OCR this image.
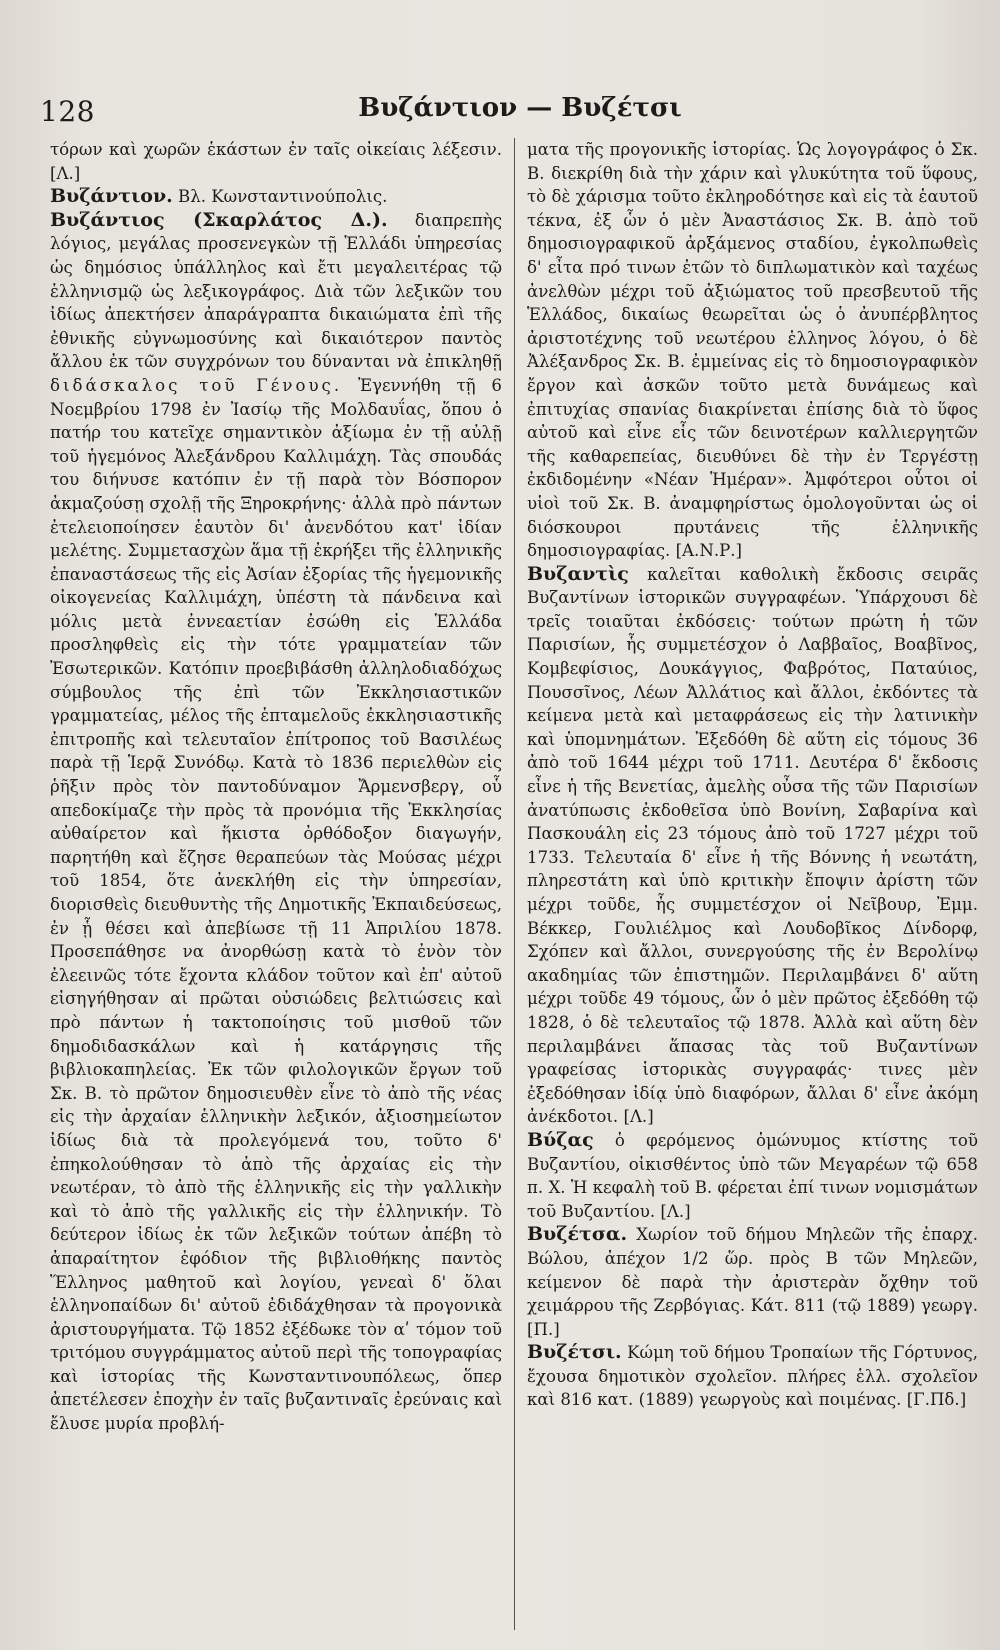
128	Βυζάντιον — Βυζέτσι

τόρων καὶ χωρῶν ἑκάστων ἐν ταῖς οἰκείαις λέξεσιν. [Λ.]

Βυζάντιον. Βλ. Κωνσταντινούπολις.

Βυζάντιος (Σκαρλάτος Δ.). διαπρεπὴς λόγιος, μεγάλας προσενεγκὼν τῇ Ἑλλάδι ὑπηρεσίας ὡς δημόσιος ὑπάλληλος καὶ ἔτι μεγαλειτέρας τῷ ἑλληνισμῷ ὡς λεξικογράφος. Διὰ τῶν λεξικῶν του ἰδίως ἀπεκτήσεν ἀπαράγραπτα δικαιώματα ἐπὶ τῆς ἐθνικῆς εὐγνωμοσύνης καὶ δικαιότερον παντὸς ἄλλου ἐκ τῶν συγχρόνων του δύνανται νὰ ἐπικληθῇ διδάσκαλος τοῦ Γένους. Ἐγεννήθη τῇ 6 Νοεμβρίου 1798 ἐν Ἰασίῳ τῆς Μολδαυΐας, ὅπου ὁ πατήρ του κατεῖχε σημαντικὸν ἀξίωμα ἐν τῇ αὐλῇ τοῦ ἡγεμόνος Ἀλεξάνδρου Καλλιμάχη. Τὰς σπουδάς του διήνυσε κατόπιν ἐν τῇ παρὰ τὸν Βόσπορον ἀκμαζούσῃ σχολῇ τῆς Ξηροκρήνης· ἀλλὰ πρὸ πάντων ἐτελειοποίησεν ἑαυτὸν δι' ἀνενδότου κατ' ἰδίαν μελέτης. Συμμετασχὼν ἅμα τῇ ἐκρήξει τῆς ἑλληνικῆς ἐπαναστάσεως τῆς εἰς Ἀσίαν ἐξορίας τῆς ἡγεμονικῆς οἰκογενείας Καλλιμάχη, ὑπέστη τὰ πάνδεινα καὶ μόλις μετὰ ἐννεαετίαν ἐσώθη εἰς Ἑλλάδα προσληφθεὶς εἰς τὴν τότε γραμματείαν τῶν Ἐσωτερικῶν. Κατόπιν προεβιβάσθη ἀλληλοδιαδόχως σύμβουλος τῆς ἐπὶ τῶν Ἐκκλησιαστικῶν γραμματείας, μέλος τῆς ἑπταμελοῦς ἐκκλησιαστικῆς ἐπιτροπῆς καὶ τελευταῖον ἐπίτροπος τοῦ Βασιλέως παρὰ τῇ Ἱερᾷ Συνόδῳ. Κατὰ τὸ 1836 περιελθὼν εἰς ῥῆξιν πρὸς τὸν παντοδύναμον Ἄρμενσβεργ, οὗ απεδοκίμαζε τὴν πρὸς τὰ προνόμια τῆς Ἐκκλησίας αὐθαίρετον καὶ ἥκιστα ὀρθόδοξον διαγωγήν, παρητήθη καὶ ἔζησε θεραπεύων τὰς Μούσας μέχρι τοῦ 1854, ὅτε ἀνεκλήθη εἰς τὴν ὑπηρεσίαν, διορισθεὶς διευθυντὴς τῆς Δημοτικῆς Ἐκπαιδεύσεως, ἐν ᾗ θέσει καὶ ἀπεβίωσε τῇ 11 Ἀπριλίου 1878. Προσεπάθησε να ἀνορθώσῃ κατὰ τὸ ἐνὸν τὸν ἐλεεινῶς τότε ἔχοντα κλάδον τοῦτον καὶ ἐπ' αὐτοῦ εἰσηγήθησαν αἱ πρῶται οὐσιώδεις βελτιώσεις καὶ πρὸ πάντων ἡ τακτοποίησις τοῦ μισθοῦ τῶν δημοδιδασκάλων καὶ ἡ κατάργησις τῆς βιβλιοκαπηλείας. Ἐκ τῶν φιλολογικῶν ἔργων τοῦ Σκ. Β. τὸ πρῶτον δημοσιευθὲν εἶνε τὸ ἀπὸ τῆς νέας εἰς τὴν ἀρχαίαν ἑλληνικὴν λεξικόν, ἀξιοσημείωτον ἰδίως διὰ τὰ προλεγόμενά του, τοῦτο δ' ἐπηκολούθησαν τὸ ἀπὸ τῆς ἀρχαίας εἰς τὴν νεωτέραν, τὸ ἀπὸ τῆς ἑλληνικῆς εἰς τὴν γαλλικὴν καὶ τὸ ἀπὸ τῆς γαλλικῆς εἰς τὴν ἑλληνικήν. Τὸ δεύτερον ἰδίως ἐκ τῶν λεξικῶν τούτων ἀπέβη τὸ ἀπαραίτητον ἐφόδιον τῆς βιβλιοθήκης παντὸς Ἕλληνος μαθητοῦ καὶ λογίου, γενεαὶ δ' ὅλαι ἑλληνοπαίδων δι' αὐτοῦ ἐδιδάχθησαν τὰ προγονικὰ ἀριστουργήματα. Τῷ 1852 ἐξέδωκε τὸν αʹ τόμον τοῦ τριτόμου συγγράμματος αὐτοῦ περὶ τῆς τοπογραφίας καὶ ἱστορίας τῆς Κωνσταντινουπόλεως, ὅπερ ἀπετέλεσεν ἐποχὴν ἐν ταῖς βυζαντιναῖς ἐρεύναις καὶ ἔλυσε μυρία προβλή-

ματα τῆς προγονικῆς ἱστορίας. Ὡς λογογράφος ὁ Σκ. Β. διεκρίθη διὰ τὴν χάριν καὶ γλυκύτητα τοῦ ὕφους, τὸ δὲ χάρισμα τοῦτο ἐκληροδότησε καὶ εἰς τὰ ἑαυτοῦ τέκνα, ἐξ ὧν ὁ μὲν Ἀναστάσιος Σκ. Β. ἀπὸ τοῦ δημοσιογραφικοῦ ἀρξάμενος σταδίου, ἐγκολπωθεὶς δ' εἶτα πρό τινων ἐτῶν τὸ διπλωματικὸν καὶ ταχέως ἀνελθὼν μέχρι τοῦ ἀξιώματος τοῦ πρεσβευτοῦ τῆς Ἑλλάδος, δικαίως θεωρεῖται ὡς ὁ ἀνυπέρβλητος ἀριστοτέχνης τοῦ νεωτέρου ἑλληνος λόγου, ὁ δὲ Ἀλέξανδρος Σκ. Β. ἐμμείνας εἰς τὸ δημοσιογραφικὸν ἔργον καὶ ἀσκῶν τοῦτο μετὰ δυνάμεως καὶ ἐπιτυχίας σπανίας διακρίνεται ἐπίσης διὰ τὸ ὕφος αὐτοῦ καὶ εἶνε εἷς τῶν δεινοτέρων καλλιεργητῶν τῆς καθαρεπείας, διευθύνει δὲ τὴν ἐν Τεργέστῃ ἐκδιδομένην «Νέαν Ἡμέραν». Ἀμφότεροι οὗτοι οἱ υἱοὶ τοῦ Σκ. Β. ἀναμφηρίστως ὁμολογοῦνται ὡς οἱ διόσκουροι πρυτάνεις τῆς ἑλληνικῆς δημοσιογραφίας. [Α.Ν.Ρ.]

Βυζαντὶς καλεῖται καθολικὴ ἔκδοσις σειρᾶς Βυζαντίνων ἱστορικῶν συγγραφέων. Ὑπάρχουσι δὲ τρεῖς τοιαῦται ἐκδόσεις· τούτων πρώτη ἡ τῶν Παρισίων, ἧς συμμετέσχον ὁ Λαββαῖος, Βοαβῖνος, Κομβεφίσιος, Δουκάγγιος, Φαβρότος, Παταύιος, Πουσσῖνος, Λέων Ἀλλάτιος καὶ ἄλλοι, ἐκδόντες τὰ κείμενα μετὰ καὶ μεταφράσεως εἰς τὴν λατινικὴν καὶ ὑπομνημάτων. Ἐξεδόθη δὲ αὕτη εἰς τόμους 36 ἀπὸ τοῦ 1644 μέχρι τοῦ 1711. Δευτέρα δ' ἔκδοσις εἶνε ἡ τῆς Βενετίας, ἀμελὴς οὖσα τῆς τῶν Παρισίων ἀνατύπωσις ἐκδοθεῖσα ὑπὸ Βονίνη, Σαβαρίνα καὶ Πασκουάλη εἰς 23 τόμους ἀπὸ τοῦ 1727 μέχρι τοῦ 1733. Τελευταία δ' εἶνε ἡ τῆς Βόννης ἡ νεωτάτη, πληρεστάτη καὶ ὑπὸ κριτικὴν ἔποψιν ἀρίστη τῶν μέχρι τοῦδε, ἧς συμμετέσχον οἱ Νεῖβουρ, Ἐμμ. Βέκκερ, Γουλιέλμος καὶ Λουδοβῖκος Δίνδορφ, Σχόπεν καὶ ἄλλοι, συνεργούσης τῆς ἐν Βερολίνῳ ακαδημίας τῶν ἐπιστημῶν. Περιλαμβάνει δ' αὕτη μέχρι τοῦδε 49 τόμους, ὧν ὁ μὲν πρῶτος ἐξεδόθη τῷ 1828, ὁ δὲ τελευταῖος τῷ 1878. Ἀλλὰ καὶ αὕτη δὲν περιλαμβάνει ἅπασας τὰς τοῦ Βυζαντίνων γραφείσας ἱστορικὰς συγγραφάς· τινες μὲν ἐξεδόθησαν ἰδίᾳ ὑπὸ διαφόρων, ἄλλαι δ' εἶνε ἀκόμη ἀνέκδοτοι. [Λ.]

Βύζας ὁ φερόμενος ὁμώνυμος κτίστης τοῦ Βυζαντίου, οἰκισθέντος ὑπὸ τῶν Μεγαρέων τῷ 658 π. Χ. Ἡ κεφαλὴ τοῦ Β. φέρεται ἐπί τινων νομισμάτων τοῦ Βυζαντίου. [Λ.]

Βυζέτσα. Χωρίον τοῦ δήμου Μηλεῶν τῆς ἐπαρχ. Βώλου, ἀπέχον 1/2 ὥρ. πρὸς Β τῶν Μηλεῶν, κείμενον δὲ παρὰ τὴν ἀριστερὰν ὄχθην τοῦ χειμάρρου τῆς Ζερβόγιας. Κάτ. 811 (τῷ 1889) γεωργ. [Π.]

Βυζέτσι. Κώμη τοῦ δήμου Τροπαίων τῆς Γόρτυνος, ἔχουσα δημοτικὸν σχολεῖον. πλήρες ἑλλ. σχολεῖον καὶ 816 κατ. (1889) γεωργοὺς καὶ ποιμένας. [Γ.Πδ.]
